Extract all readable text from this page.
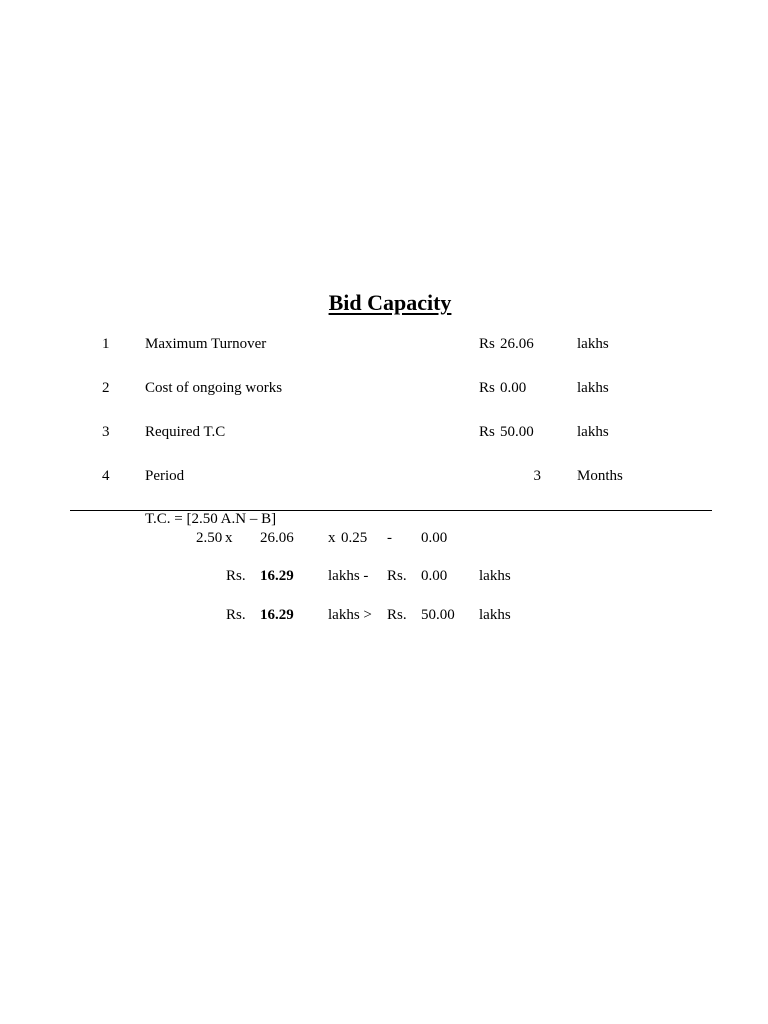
Bid Capacity
1 Maximum Turnover	Rs 26.06	lakhs
2 Cost of ongoing works	Rs 0.00	lakhs
3 Required T.C	Rs 50.00	lakhs
4 Period	3 Months
T.C. = [2.50 A.N – B]
2.50 x 26.06 x 0.25 - 0.00
Rs. 16.29 lakhs - Rs. 0.00 lakhs
Rs. 16.29 lakhs > Rs. 50.00 lakhs
